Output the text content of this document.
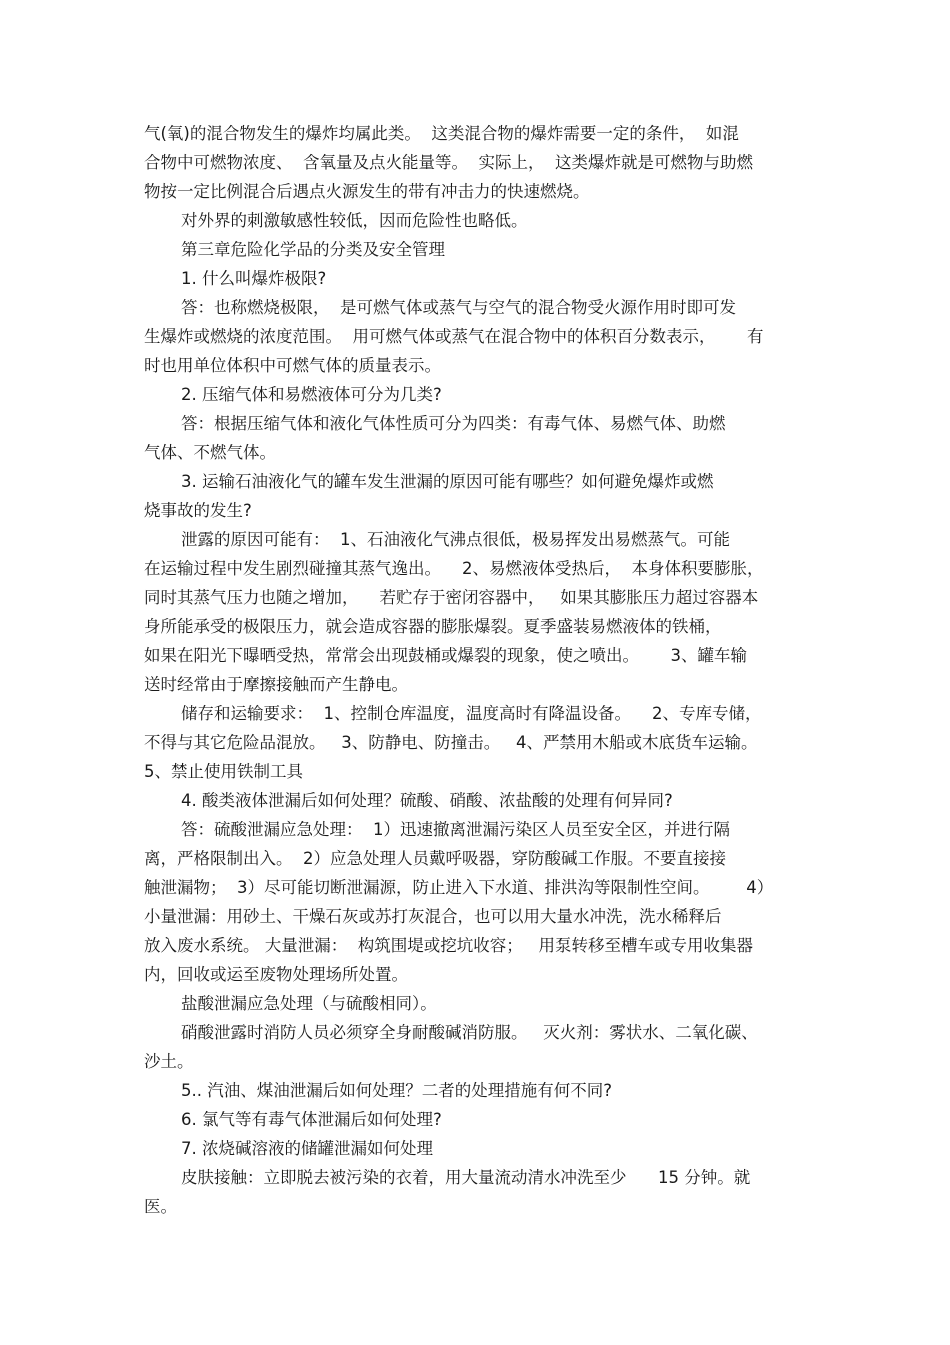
气(氧)的混合物发生的爆炸均属此类。  这类混合物的爆炸需要一定的条件，  如混

合物中可燃物浓度、  含氧量及点火能量等。  实际上，  这类爆炸就是可燃物与助燃

物按一定比例混合后遇点火源发生的带有冲击力的快速燃烧。

对外界的刺激敏感性较低，因而危险性也略低。

第三章危险化学品的分类及安全管理

1. 什么叫爆炸极限?

答：也称燃烧极限，  是可燃气体或蒸气与空气的混合物受火源作用时即可发

生爆炸或燃烧的浓度范围。  用可燃气体或蒸气在混合物中的体积百分数表示，      有

时也用单位体积中可燃气体的质量表示。

2. 压缩气体和易燃液体可分为几类?

答：根据压缩气体和液化气体性质可分为四类：有毒气体、易燃气体、助燃

气体、不燃气体。

3. 运输石油液化气的罐车发生泄漏的原因可能有哪些？如何避免爆炸或燃

烧事故的发生?

泄露的原因可能有：  1、石油液化气沸点很低，极易挥发出易燃蒸气。可能

在运输过程中发生剧烈碰撞其蒸气逸出。    2、易燃液体受热后，  本身体积要膨胀，

同时其蒸气压力也随之增加，    若贮存于密闭容器中，   如果其膨胀压力超过容器本

身所能承受的极限压力，就会造成容器的膨胀爆裂。夏季盛装易燃液体的铁桶，

如果在阳光下曝晒受热，常常会出现鼓桶或爆裂的现象，使之喷出。      3、罐车输

送时经常由于摩擦接触而产生静电。

储存和运输要求：  1、控制仓库温度，温度高时有降温设备。    2、专库专储，

不得与其它危险品混放。   3、防静电、防撞击。   4、严禁用木船或木底货车运输。

5、禁止使用铁制工具

4. 酸类液体泄漏后如何处理？硫酸、硝酸、浓盐酸的处理有何异同?

答：硫酸泄漏应急处理：  1）迅速撤离泄漏污染区人员至安全区，并进行隔

离，严格限制出入。  2）应急处理人员戴呼吸器，穿防酸碱工作服。不要直接接

触泄漏物；  3）尽可能切断泄漏源，防止进入下水道、排洪沟等限制性空间。       4）

小量泄漏：用砂土、干燥石灰或苏打灰混合，也可以用大量水冲洗，洗水稀释后

放入废水系统。 大量泄漏：  构筑围堤或挖坑收容；   用泵转移至槽车或专用收集器

内，回收或运至废物处理场所处置。

盐酸泄漏应急处理（与硫酸相同）。

硝酸泄露时消防人员必须穿全身耐酸碱消防服。   灭火剂：雾状水、二氧化碳、

沙土。

5.. 汽油、煤油泄漏后如何处理？二者的处理措施有何不同?

6. 氯气等有毒气体泄漏后如何处理?

7. 浓烧碱溶液的储罐泄漏如何处理

皮肤接触：立即脱去被污染的衣着，用大量流动清水冲洗至少      15 分钟。就

医。
